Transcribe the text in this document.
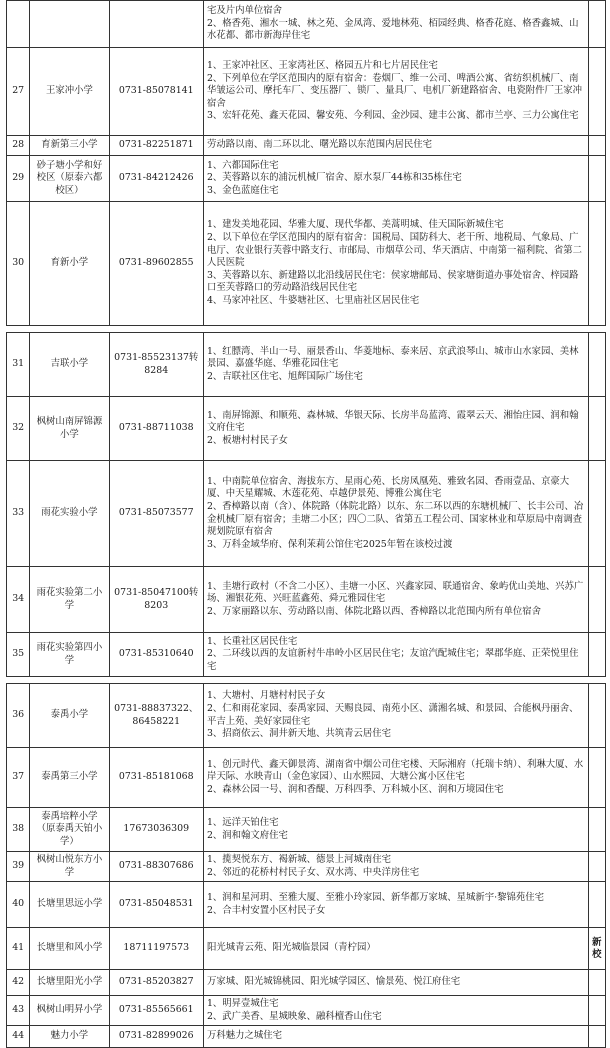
			宅及片内单位宿舍
2、格香苑、湘水一城、林之苑、金凤湾、爱地林苑、栢园经典、格香花庭、格香鑫城、山水花都、都市新海岸住宅	

27	王家冲小学	0731-85078141	1、王家冲社区、王家湾社区、格园五片和七片居民住宅
2、下列单位在学区范围内的原有宿舍：卷烟厂、维一公司、啤酒公寓、省纺织机械厂、南华皱运公司、摩托车厂、变压器厂、锁厂、量具厂、电机厂新建路宿舍、电瓷附件厂王家冲宿舍
3、宏轩花苑、鑫天花园、馨安苑、今利园、金沙园、建丰公寓、都市兰亭、三力公寓住宅	

28	育新第三小学	0731-82251871	劳动路以南、南二环以北、曙光路以东范围内居民住宅	

29	砂子塘小学和好校区（原泰六都校区）	0731-84212426	1、六都国际住宅
2、芙蓉路以东的浦沅机械厂宿舍、原水泵厂44栋和35栋住宅
3、金色蓝庭住宅	

30	育新小学	0731-89602855	1、建发美地花园、华雅大厦、现代华都、美蒿明城、佳天国际新城住宅
2、以下单位在学区范围内的原有宿舍：国税局、国防科大、老干所、地税局、气象局、广电厅、农业银行芙蓉中路支行、市邮局、市烟草公司、华天酒店、中南第一福利院、省第二人民医院
3、芙蓉路以东、新建路以北沿线居民住宅：侯家塘邮局、侯家塘街道办事处宿舍、梓园路口至芙蓉路口的劳动路沿线居民住宅
4、马家冲社区、牛婆塘社区、七里庙社区居民住宅	

31	吉联小学	0731-85523137转8284	1、红膘湾、半山一号、丽景香山、华菱地标、泰来居、京武浪琴山、城市山水家园、美林景园、嘉盛华庭、华雅花园住宅
2、吉联社区住宅、旭辉国际广场住宅	

32	枫树山南屏锦源小学	0731-88711038	1、南屏锦源、和顺苑、森林城、华银天际、长房半岛蓝湾、霞翠云天、湘怡庄园、润和翰文府住宅
2、板塘村村民子女	

33	雨花实验小学	0731-85073577	1、中南院单位宿舍、海拔东方、星雨心苑、长房凤凰苑、雅致名园、香雨壹品、京豪大厦、中天星耀城、木莲花苑、卓越伊景苑、博雅公寓住宅
2、香樟路以南（含）、体院路（体院北路）以东、东二环以西的东塘机械厂、长丰公司、冶金机械厂原有宿舍；圭塘二小区；四〇二队、省第五工程公司、国家林业和草原局中南调查规划院原有宿舍
3、万科金域华府、保利茉莉公馆住宅2025年暂在该校过渡	

34	雨花实验第二小学	0731-85047100转8203	1、圭塘行政村（不含二小区）、圭塘一小区、兴鑫家园、联通宿舍、象屿优山美地、兴苏广场、湘银花苑、兴旺蓝鑫苑、舜元雅园住宅
2、万家丽路以东、劳动路以南、体院北路以西、香樟路以北范围内所有单位宿舍	

35	雨花实验第四小学	0731-85310640	1、长重社区居民住宅
2、二环线以西的友谊新村牛串岭小区居民住宅；友谊汽配城住宅；翠郡华庭、正荣悦里住宅	

36	泰禹小学	0731-88837322、86458221	1、大塘村、月塘村村民子女
2、仁和雨花家园、泰禹家园、天赐良园、南苑小区、潇湘名城、和景园、合能枫丹丽舍、平吉上苑、美好家园住宅
3、招商依云、洞井新天地、共筑青云居住宅	

37	泰禹第三小学	0731-85181068	1、创元时代、鑫天御景湾、湖南省中烟公司住宅楼、天际湘府（托瑞卡纳）、利琳大厦、水岸天际、水映青山（金色家园）、山水熙园、大塘公寓小区住宅
2、森林公园一号、润和香醍、万科四季、万科城小区、润和万境园住宅	

38	泰禹培粹小学（原泰禹天铂小学）	17673036309	1、远洋天铂住宅
2、润和翰文府住宅	

39	枫树山悦东方小学	0731-88307686	1、揽契悦东方、褐新城、德景上河城南住宅
2、邻近的花桥村村民子女、双水湾、中央洋房住宅	

40	长塘里思远小学	0731-85048531	1、润和星河玥、至雅大厦、至雅小玲家园、新华都万家城、星城新宇·黎锦苑住宅
2、合丰村安置小区村民子女	

41	长塘里和风小学	18711197573	阳光城青云苑、阳光城临景园（青柠园）	新校
42	长塘里阳光小学	0731-85203827	万家城、阳光城锦桃园、阳光城学园区、愉景苑、悦江府住宅	

43	枫树山明昇小学	0731-85565661	1、明昇壹城住宅
2、武广美香、星城映象、融科檀香山住宅	

44	魅力小学	0731-82899026	万科魅力之城住宅	
